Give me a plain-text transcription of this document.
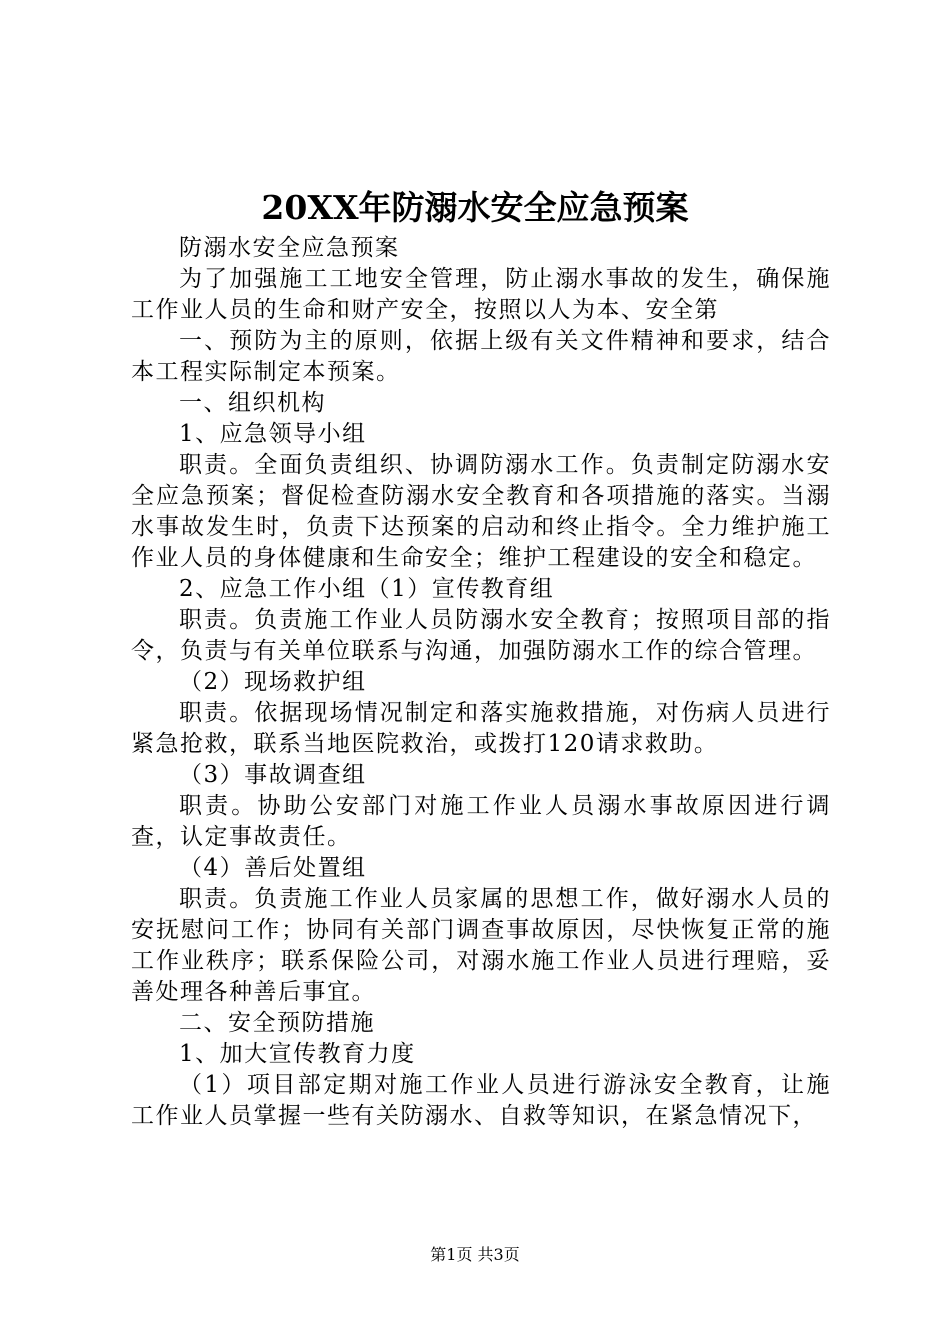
20XX年防溺水安全应急预案

防溺水安全应急预案

为了加强施工工地安全管理，防止溺水事故的发生，确保施工作业人员的生命和财产安全，按照以人为本、安全第

一、预防为主的原则，依据上级有关文件精神和要求，结合本工程实际制定本预案。

一、组织机构

1、应急领导小组

职责。全面负责组织、协调防溺水工作。负责制定防溺水安全应急预案；督促检查防溺水安全教育和各项措施的落实。当溺水事故发生时，负责下达预案的启动和终止指令。全力维护施工作业人员的身体健康和生命安全；维护工程建设的安全和稳定。

2、应急工作小组（1）宣传教育组

职责。负责施工作业人员防溺水安全教育；按照项目部的指令，负责与有关单位联系与沟通，加强防溺水工作的综合管理。

（2）现场救护组

职责。依据现场情况制定和落实施救措施，对伤病人员进行紧急抢救，联系当地医院救治，或拨打120请求救助。

（3）事故调查组

职责。协助公安部门对施工作业人员溺水事故原因进行调查，认定事故责任。

（4）善后处置组

职责。负责施工作业人员家属的思想工作，做好溺水人员的安抚慰问工作；协同有关部门调查事故原因，尽快恢复正常的施工作业秩序；联系保险公司，对溺水施工作业人员进行理赔，妥善处理各种善后事宜。

二、安全预防措施

1、加大宣传教育力度

（1）项目部定期对施工作业人员进行游泳安全教育，让施工作业人员掌握一些有关防溺水、自救等知识，在紧急情况下，

第1页 共3页
